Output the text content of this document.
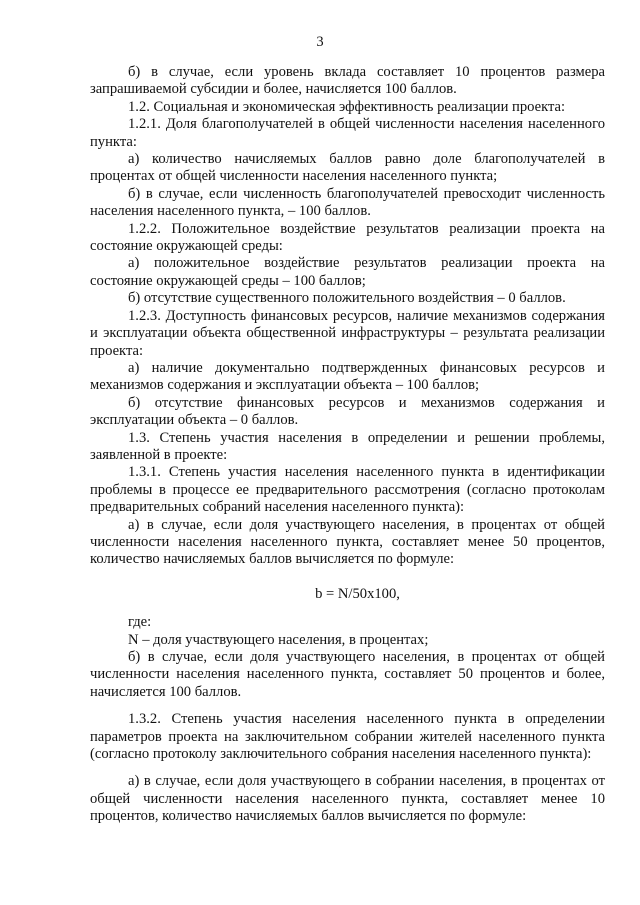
3

б) в случае, если уровень вклада составляет 10 процентов размера запрашиваемой субсидии и более, начисляется 100 баллов.

1.2. Социальная и экономическая эффективность реализации проекта:

1.2.1. Доля благополучателей в общей численности населения населенного пункта:

а) количество начисляемых баллов равно доле благополучателей в процентах от общей численности населения населенного пункта;

б) в случае, если численность благополучателей превосходит численность населения населенного пункта, – 100 баллов.

1.2.2. Положительное воздействие результатов реализации проекта на состояние окружающей среды:

а) положительное воздействие результатов реализации проекта на состояние окружающей среды – 100 баллов;

б) отсутствие существенного положительного воздействия – 0 баллов.

1.2.3. Доступность финансовых ресурсов, наличие механизмов содержания и эксплуатации объекта общественной инфраструктуры – результата реализации проекта:

а) наличие документально подтвержденных финансовых ресурсов и механизмов содержания и эксплуатации объекта – 100 баллов;

б) отсутствие финансовых ресурсов и механизмов содержания и эксплуатации объекта – 0 баллов.

1.3. Степень участия населения в определении и решении проблемы, заявленной в проекте:

1.3.1. Степень участия населения населенного пункта в идентификации проблемы в процессе ее предварительного рассмотрения (согласно протоколам предварительных собраний населения населенного пункта):

а) в случае, если доля участвующего населения, в процентах от общей численности населения населенного пункта, составляет менее 50 процентов, количество начисляемых баллов вычисляется по формуле:

b = N/50x100,

где:

N – доля участвующего населения, в процентах;

б) в случае, если доля участвующего населения, в процентах от общей численности населения населенного пункта, составляет 50 процентов и более, начисляется 100 баллов.

1.3.2. Степень участия населения населенного пункта в определении параметров проекта на заключительном собрании жителей населенного пункта (согласно протоколу заключительного собрания населения населенного пункта):

а) в случае, если доля участвующего в собрании населения, в процентах от общей численности населения населенного пункта, составляет менее 10 процентов, количество начисляемых баллов вычисляется по формуле:
